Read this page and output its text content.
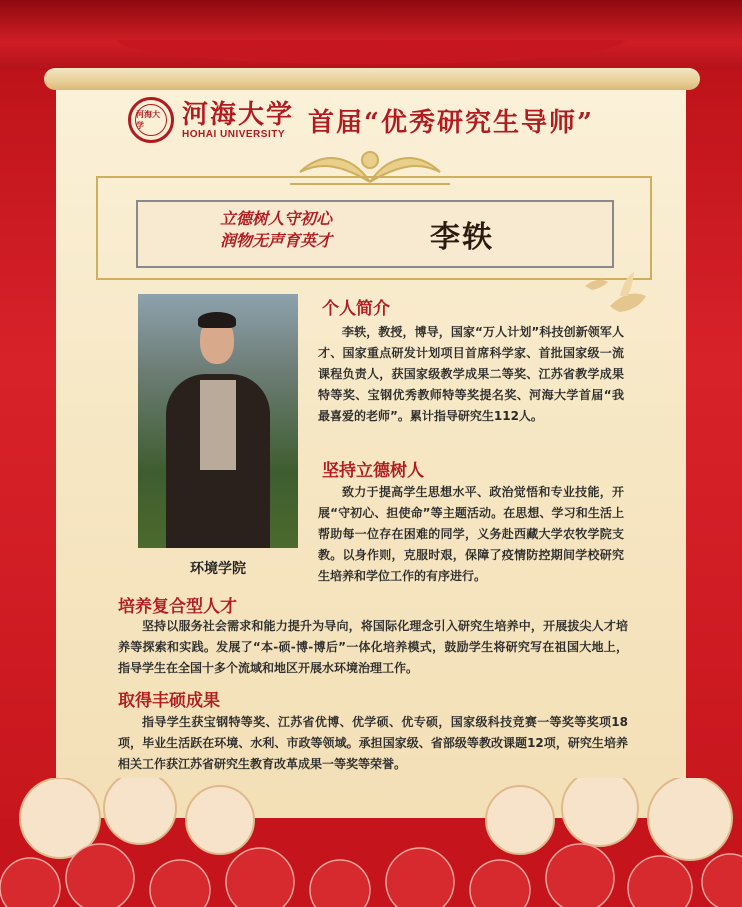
河海大学	河海大学
HOHAI UNIVERSITY 首届“优秀研究生导师”
立德树人守初心
润物无声育英才	李轶
环境学院
个人简介
李轶，教授，博导，国家“万人计划”科技创新领军人才、国家重点研发计划项目首席科学家、首批国家级一流课程负责人，获国家级教学成果二等奖、江苏省教学成果特等奖、宝钢优秀教师特等奖提名奖、河海大学首届“我最喜爱的老师”。累计指导研究生112人。
坚持立德树人
致力于提高学生思想水平、政治觉悟和专业技能，开展“守初心、担使命”等主题活动。在思想、学习和生活上帮助每一位存在困难的同学，义务赴西藏大学农牧学院支教。以身作则，克服时艰，保障了疫情防控期间学校研究生培养和学位工作的有序进行。
培养复合型人才
坚持以服务社会需求和能力提升为导向，将国际化理念引入研究生培养中，开展拔尖人才培养等探索和实践。发展了“本-硕-博-博后”一体化培养模式，鼓励学生将研究写在祖国大地上，指导学生在全国十多个流域和地区开展水环境治理工作。
取得丰硕成果
指导学生获宝钢特等奖、江苏省优博、优学硕、优专硕，国家级科技竞赛一等奖等奖项18项，毕业生活跃在环境、水利、市政等领域。承担国家级、省部级等教改课题12项，研究生培养相关工作获江苏省研究生教育改革成果一等奖等荣誉。
